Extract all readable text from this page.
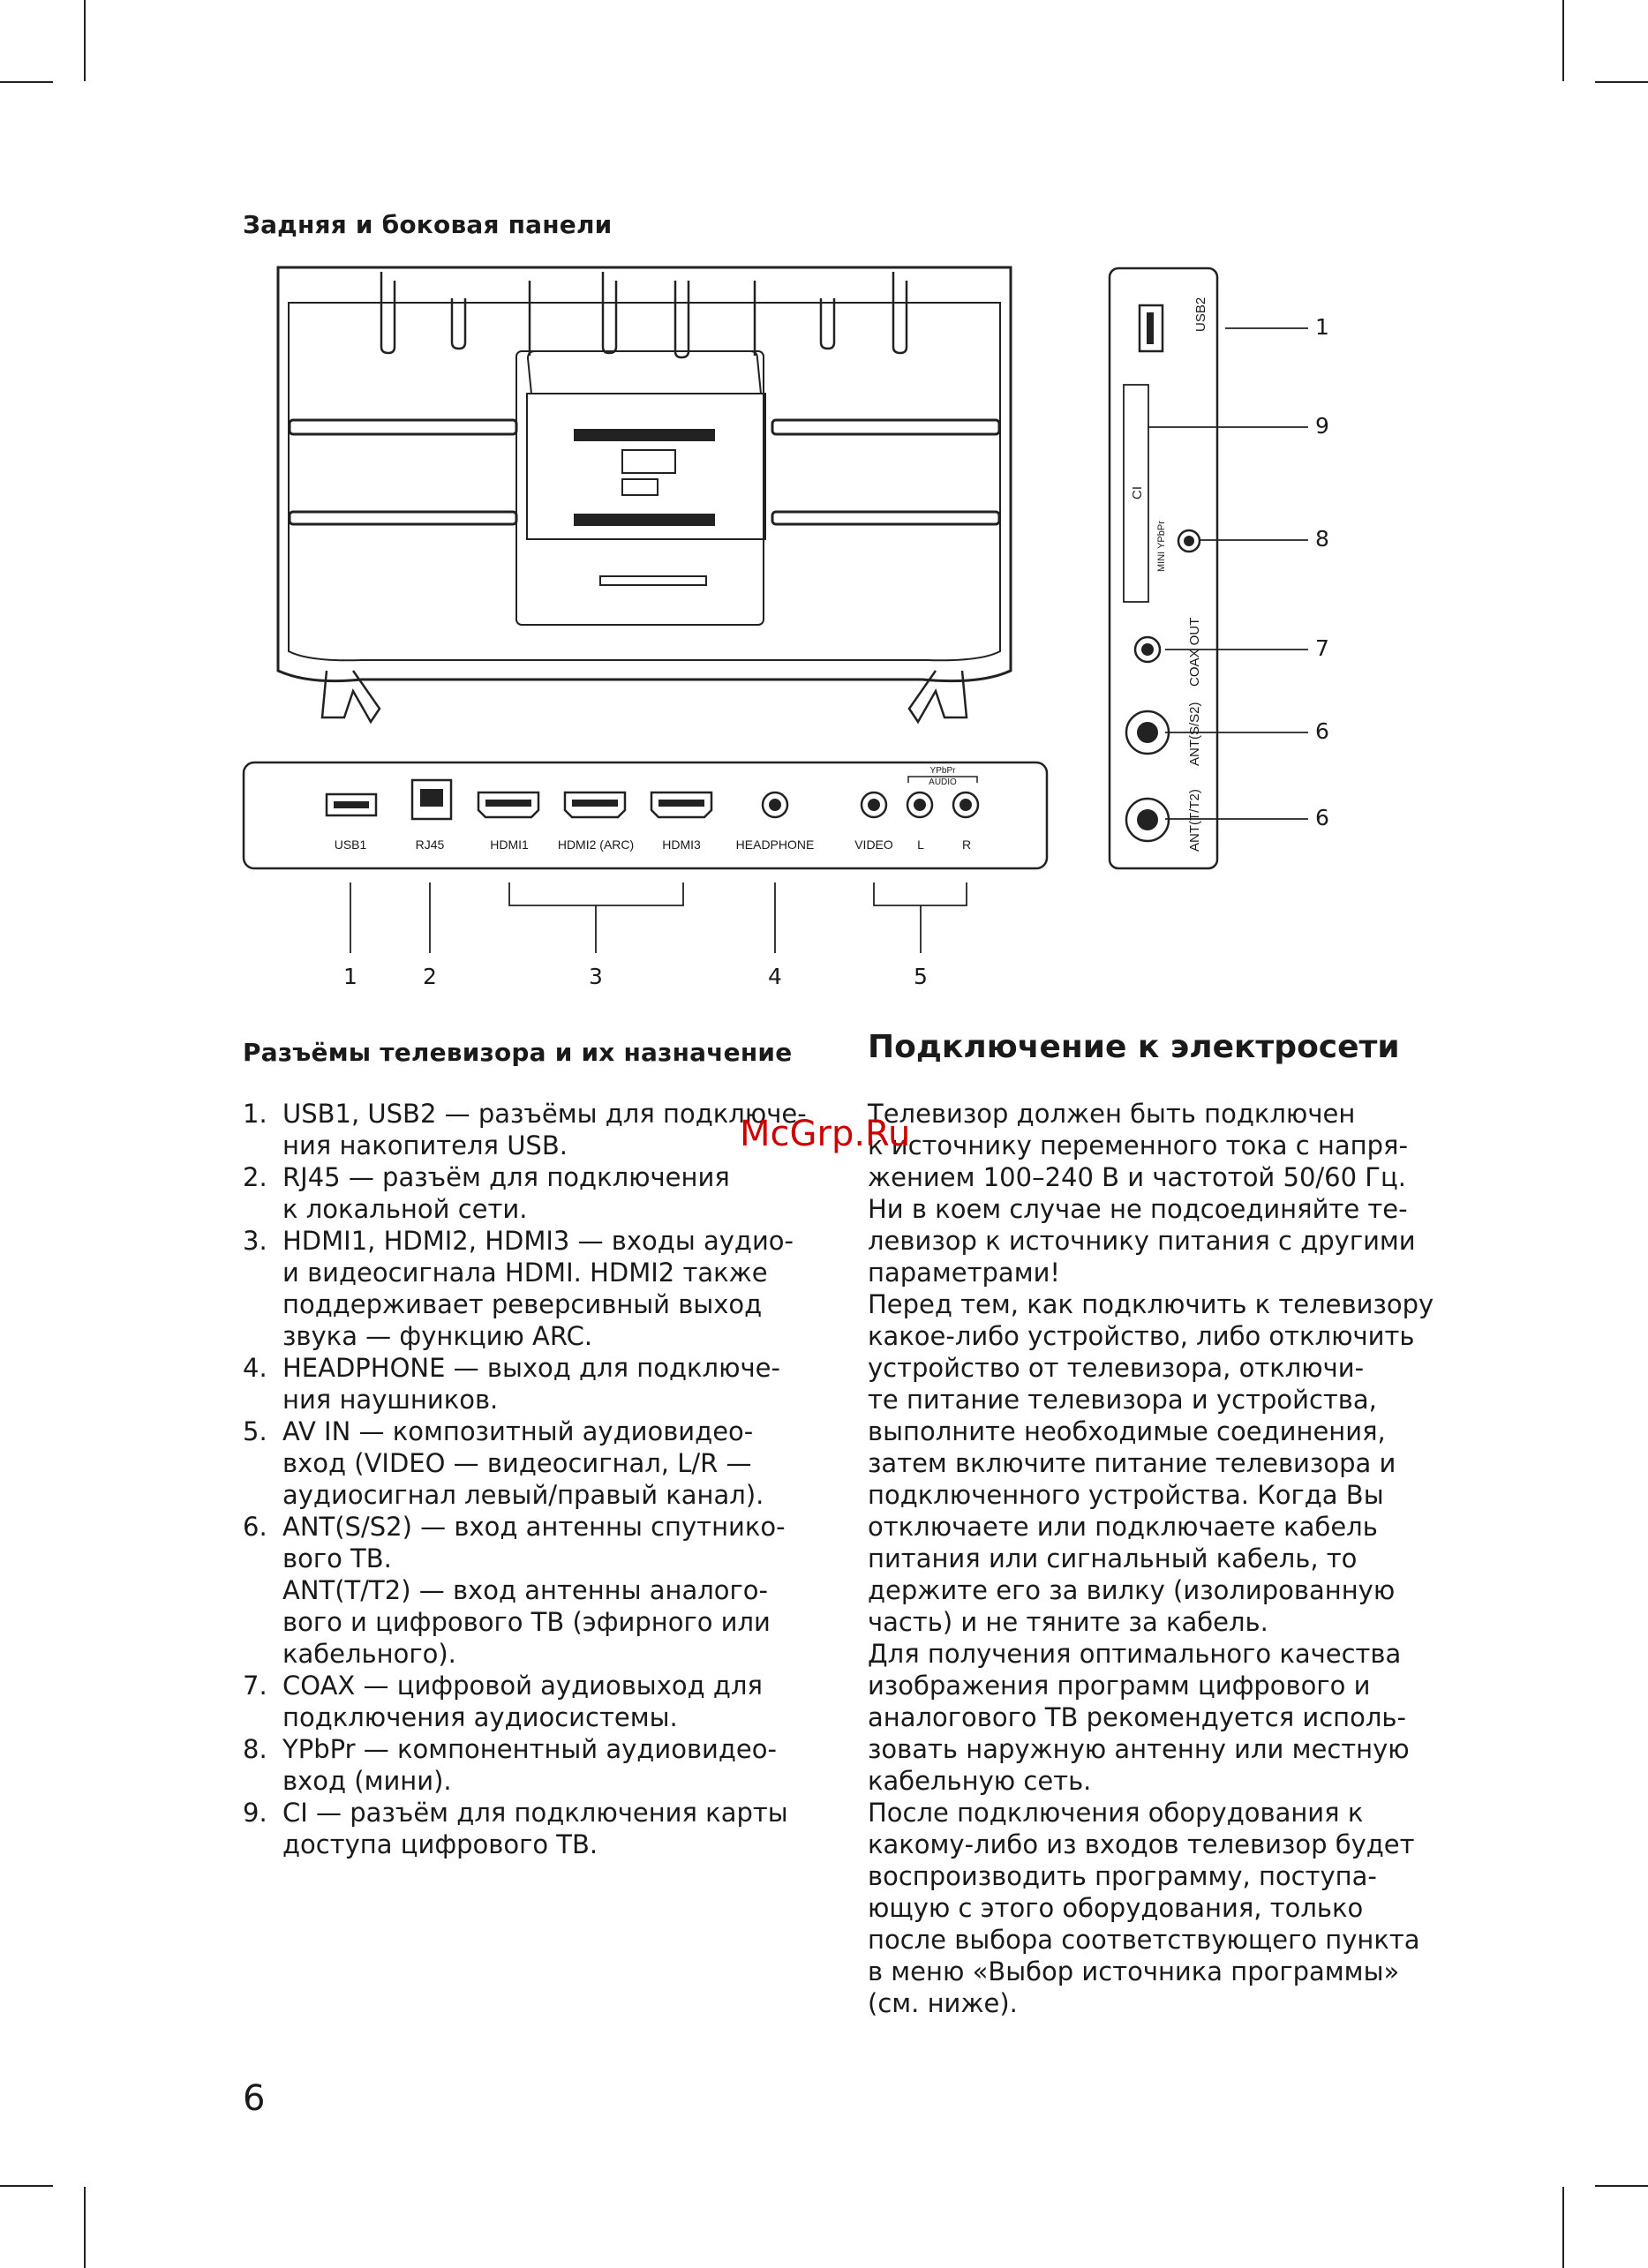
Задняя и боковая панели
USB1	RJ45	HDMI1 HDMI2 (ARC) HDMI3	HEADPHONE	VIDEO L	R
YPbPr
AUDIO
1	2	3	4	5
USB2
CI
MINI YPbPr
COAX OUT
ANT(S/S2)
ANT(T/T2)
1
9
8
7
6
6
Разъёмы телевизора и их назначение
1. USB1, USB2 — разъёмы для подключе-
ния накопителя USB.
2. RJ45 — разъём для подключения
к локальной сети.
3. HDMI1, HDMI2, HDMI3 — входы аудио-
и видеосигнала HDMI. HDMI2 также
поддерживает реверсивный выход
звука — функцию ARC.
4. HEADPHONE — выход для подключе-
ния наушников.
5. AV IN — композитный аудиовидео-
вход (VIDEO — видеосигнал, L/R —
аудиосигнал левый/правый канал).
6. ANT(S/S2) — вход антенны спутнико-
вого ТВ.
ANT(T/T2) — вход антенны аналого-
вого и цифрового ТВ (эфирного или
кабельного).
7. COAX — цифровой аудиовыход для
подключения аудиосистемы.
8. YPbPr — компонентный аудиовидео-
вход (мини).
9. CI — разъём для подключения карты
доступа цифрового ТВ.
Подключение к электросети
Телевизор должен быть подключен
к источнику переменного тока с напря-
жением 100–240 В и частотой 50/60 Гц.
Ни в коем случае не подсоединяйте те-
левизор к источнику питания с другими
параметрами!
Перед тем, как подключить к телевизору
какое-либо устройство, либо отключить
устройство от телевизора, отключи-
те питание телевизора и устройства,
выполните необходимые соединения,
затем включите питание телевизора и
подключенного устройства. Когда Вы
отключаете или подключаете кабель
питания или сигнальный кабель, то
держите его за вилку (изолированную
часть) и не тяните за кабель.
Для получения оптимального качества
изображения программ цифрового и
аналогового ТВ рекомендуется исполь-
зовать наружную антенну или местную
кабельную сеть.
После подключения оборудования к
какому-либо из входов телевизор будет
воспроизводить программу, поступа-
ющую с этого оборудования, только
после выбора соответствующего пункта
в меню «Выбор источника программы»
(см. ниже).
McGrp.Ru
6
